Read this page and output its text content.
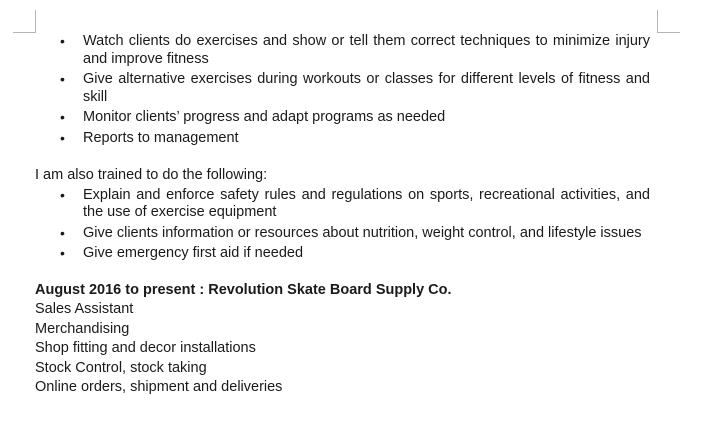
• Watch clients do exercises and show or tell them correct techniques to minimize injury and improve fitness
• Give alternative exercises during workouts or classes for different levels of fitness and skill
• Monitor clients’ progress and adapt programs as needed
• Reports to management

I am also trained to do the following:

• Explain and enforce safety rules and regulations on sports, recreational activities, and the use of exercise equipment
• Give clients information or resources about nutrition, weight control, and lifestyle issues
• Give emergency first aid if needed

August 2016 to present : Revolution Skate Board Supply Co.

Sales Assistant

Merchandising

Shop fitting and decor installations

Stock Control, stock taking

Online orders, shipment and deliveries
